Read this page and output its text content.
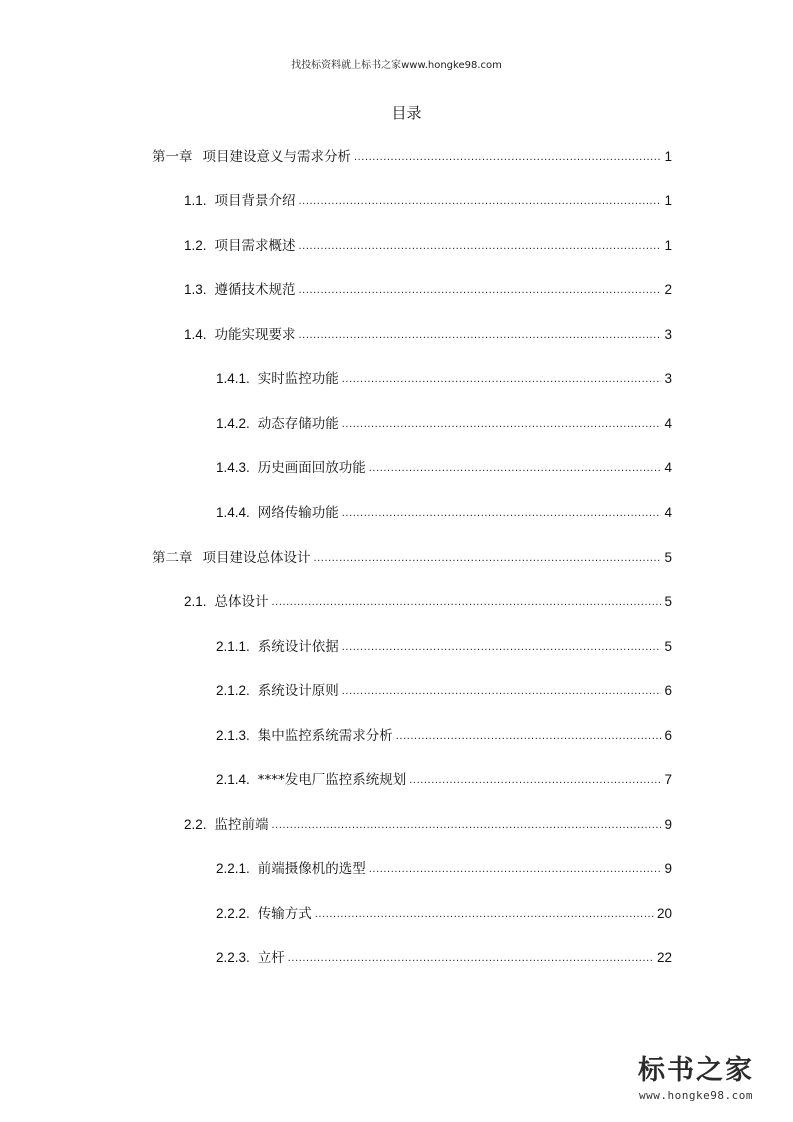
找投标资料就上标书之家www.hongke98.com
目录
第一章 项目建设意义与需求分析 .....	1
1.1. 项目背景介绍 .....	1
1.2. 项目需求概述 .....	1
1.3. 遵循技术规范 .....	2
1.4. 功能实现要求 .....	3
1.4.1. 实时监控功能 .....	3
1.4.2. 动态存储功能 .....	4
1.4.3. 历史画面回放功能 .....	4
1.4.4. 网络传输功能 .....	4
第二章 项目建设总体设计 .....	5
2.1. 总体设计 .....	5
2.1.1. 系统设计依据 .....	5
2.1.2. 系统设计原则 .....	6
2.1.3. 集中监控系统需求分析 .....	6
2.1.4. ****发电厂监控系统规划 .....	7
2.2. 监控前端 .....	9
2.2.1. 前端摄像机的选型 .....	9
2.2.2. 传输方式 .....	20
2.2.3. 立杆 .....	22
标书之家
www.hongke98.com
